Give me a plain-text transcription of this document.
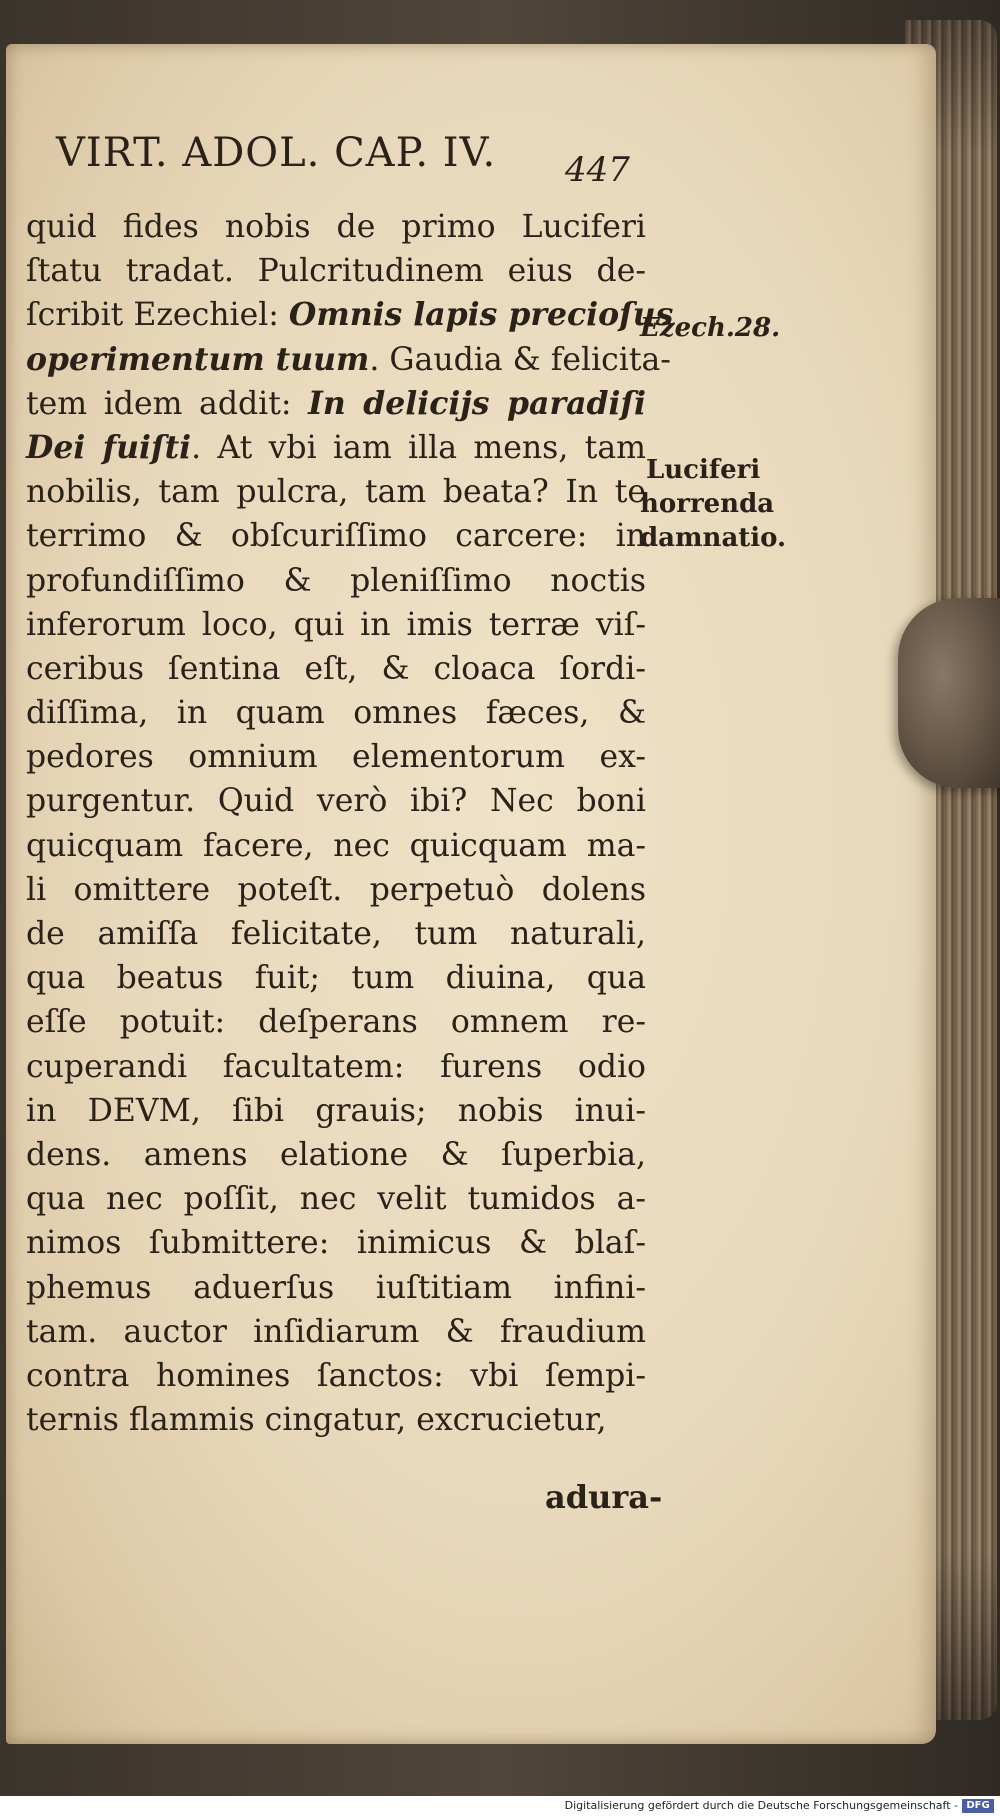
VIRT. ADOL. CAP. IV.	447
quid fides nobis de primo Luciferi
ſtatu tradat. Pulcritudinem eius de-
ſcribit Ezechiel: Omnis lapis precioſus
operimentum tuum. Gaudia & felicita-
tem idem addit: In delicijs paradiſi
Dei fuiſti. At vbi iam illa mens, tam
nobilis, tam pulcra, tam beata? In te
terrimo & obſcuriſſimo carcere: in
profundiſſimo & pleniſſimo noctis
inferorum loco, qui in imis terræ viſ-
ceribus ſentina eſt, & cloaca ſordi-
diſſima, in quam omnes fæces, &
pedores omnium elementorum ex-
purgentur. Quid verò ibi? Nec boni
quicquam facere, nec quicquam ma-
li omittere poteſt. perpetuò dolens
de amiſſa felicitate, tum naturali,
qua beatus fuit; tum diuina, qua
eſſe potuit: deſperans omnem re-
cuperandi facultatem: furens odio
in DEVM, ſibi grauis; nobis inui-
dens. amens elatione & ſuperbia,
qua nec poſſit, nec velit tumidos a-
nimos ſubmittere: inimicus & blaſ-
phemus aduerſus iuſtitiam infini-
tam. auctor inſidiarum & fraudium
contra homines ſanctos: vbi ſempi-
ternis flammis cingatur, excrucietur,
Ezech.28.
Luciferi
horrenda
damnatio.
adura-
Digitalisierung gefördert durch die Deutsche Forschungsgemeinschaft - DFG
